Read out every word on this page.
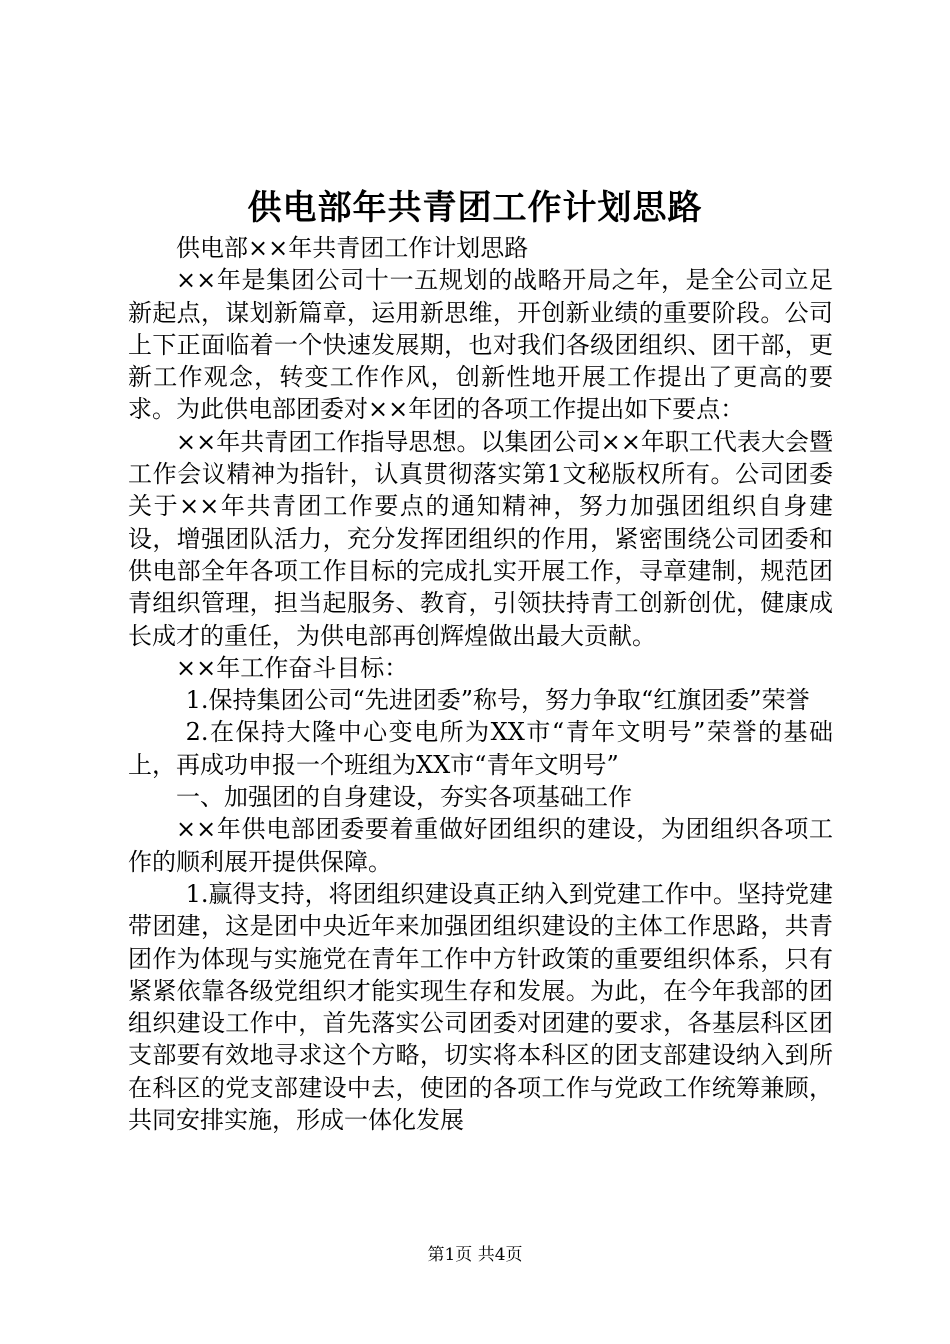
供电部年共青团工作计划思路

供电部××年共青团工作计划思路

××年是集团公司十一五规划的战略开局之年，是全公司立足新起点，谋划新篇章，运用新思维，开创新业绩的重要阶段。公司上下正面临着一个快速发展期，也对我们各级团组织、团干部，更新工作观念，转变工作作风，创新性地开展工作提出了更高的要求。为此供电部团委对××年团的各项工作提出如下要点：

××年共青团工作指导思想。以集团公司××年职工代表大会暨工作会议精神为指针，认真贯彻落实第1文秘版权所有。公司团委关于××年共青团工作要点的通知精神，努力加强团组织自身建设，增强团队活力，充分发挥团组织的作用，紧密围绕公司团委和供电部全年各项工作目标的完成扎实开展工作，寻章建制，规范团青组织管理，担当起服务、教育，引领扶持青工创新创优，健康成长成才的重任，为供电部再创辉煌做出最大贡献。

××年工作奋斗目标：

1.保持集团公司“先进团委”称号，努力争取“红旗团委”荣誉

2.在保持大隆中心变电所为XX市“青年文明号”荣誉的基础上，再成功申报一个班组为XX市“青年文明号”

一、加强团的自身建设，夯实各项基础工作

××年供电部团委要着重做好团组织的建设，为团组织各项工作的顺利展开提供保障。

1.赢得支持，将团组织建设真正纳入到党建工作中。坚持党建带团建，这是团中央近年来加强团组织建设的主体工作思路，共青团作为体现与实施党在青年工作中方针政策的重要组织体系，只有紧紧依靠各级党组织才能实现生存和发展。为此，在今年我部的团组织建设工作中，首先落实公司团委对团建的要求，各基层科区团支部要有效地寻求这个方略，切实将本科区的团支部建设纳入到所在科区的党支部建设中去，使团的各项工作与党政工作统筹兼顾，共同安排实施，形成一体化发展

第1页 共4页
